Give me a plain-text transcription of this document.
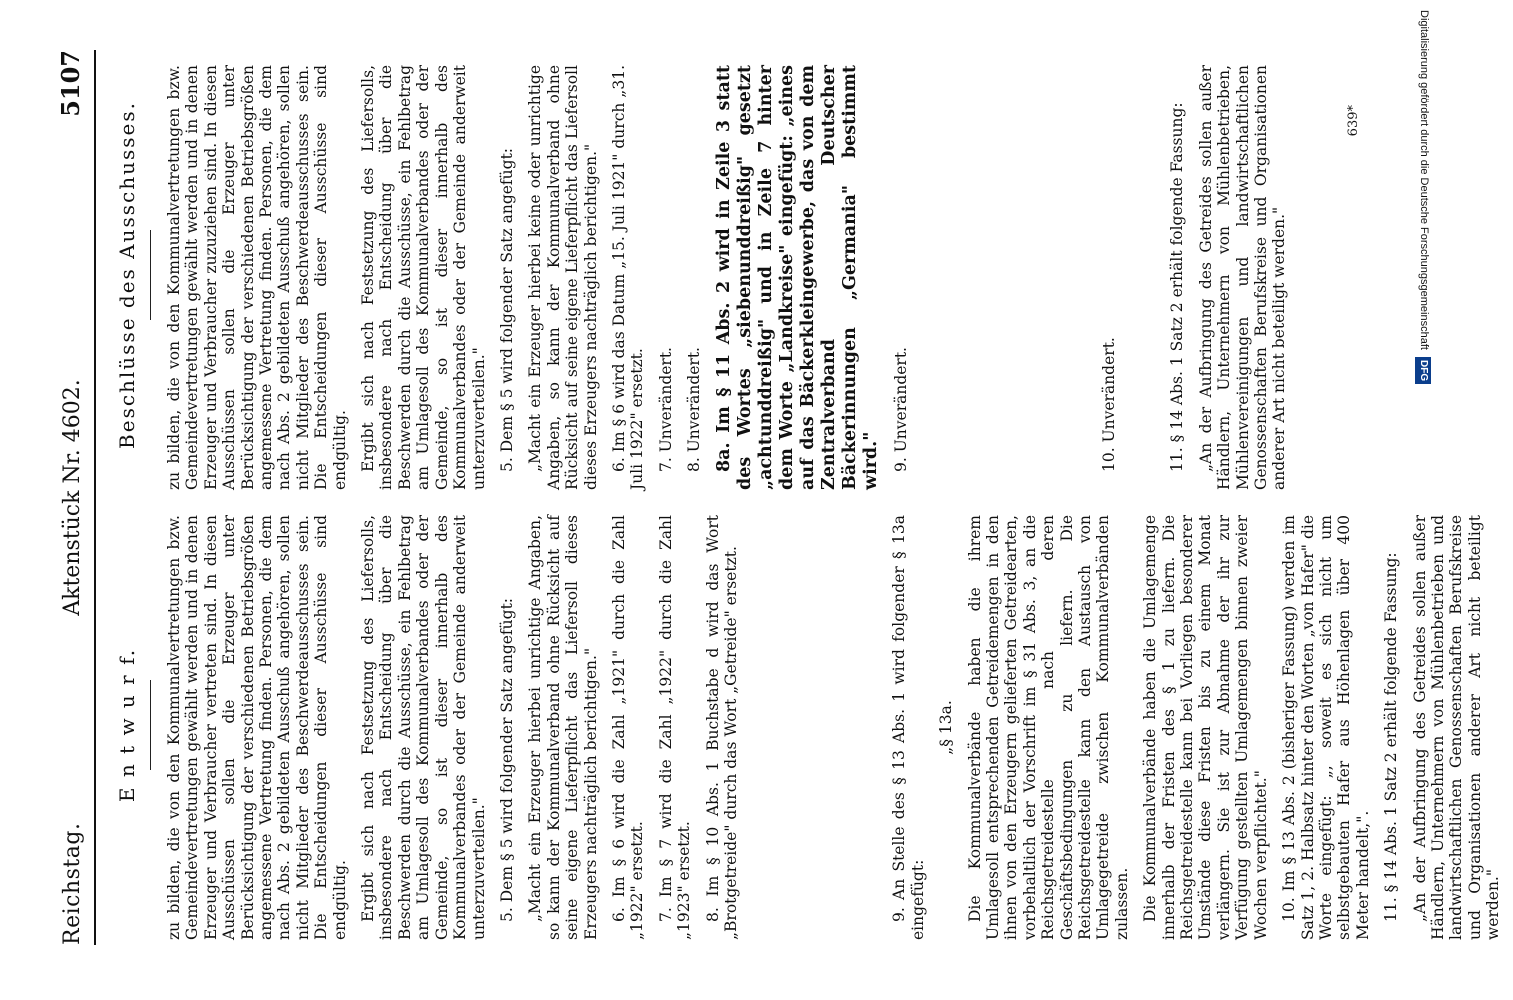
Reichstag.
Aktenstück Nr. 4602.
5107
E n t w u r f.
Beschlüsse des Ausschusses.

zu bilden, die von den Kommunalvertretungen bzw. Gemeindevertretungen gewählt werden und in denen Erzeuger und Verbraucher vertreten sind. In diesen Ausschüssen sollen die Erzeuger unter Berücksichtigung der verschiedenen Betriebsgrößen angemessene Vertretung finden. Personen, die dem nach Abs. 2 gebildeten Ausschuß angehören, sollen nicht Mitglieder des Beschwerdeausschusses sein. Die Entscheidungen dieser Ausschüsse sind endgültig. Ergibt sich nach Festsetzung des Liefersolls, insbesondere nach Entscheidung über die Beschwerden durch die Ausschüsse, ein Fehlbetrag am Umlagesoll des Kommunalverbandes oder der Gemeinde, so ist dieser innerhalb des Kommunalverbandes oder der Gemeinde anderweit unterzuverteilen." 5. Dem § 5 wird folgender Satz angefügt: „Macht ein Erzeuger hierbei unrichtige Angaben, so kann der Kommunalverband ohne Rücksicht auf seine eigene Lieferpflicht das Liefersoll dieses Erzeugers nachträglich berichtigen." 6. Im § 6 wird die Zahl „1921" durch die Zahl „1922" ersetzt. 7. Im § 7 wird die Zahl „1922" durch die Zahl „1923" ersetzt. 8. Im § 10 Abs. 1 Buchstabe d wird das Wort „Brotgetreide" durch das Wort „Getreide" ersetzt.	9. An Stelle des § 13 Abs. 1 wird folgender § 13a eingefügt:

„§ 13a. Die Kommunalverbände haben die ihrem Umlagesoll entsprechenden Getreidemengen in den ihnen von den Erzeugern gelieferten Getreidearten, vorbehaltlich der Vorschrift im § 31 Abs. 3, an die Reichsgetreidestelle nach deren Geschäftsbedingungen zu liefern. Die Reichsgetreidestelle kann den Austausch von Umlagegetreide zwischen Kommunalverbänden zulassen. Die Kommunalverbände haben die Umlagemenge innerhalb der Fristen des § 1 zu liefern. Die Reichsgetreidestelle kann bei Vorliegen besonderer Umstände diese Fristen bis zu einem Monat verlängern. Sie ist zur Abnahme der ihr zur Verfügung gestellten Umlagemengen binnen zweier Wochen verpflichtet." 10. Im § 13 Abs. 2 (bisheriger Fassung) werden im Satz 1, 2. Halbsatz hinter den Worten „von Hafer" die Worte eingefügt: „, soweit es sich nicht um selbstgebauten Hafer aus Höhenlagen über 400 Meter handelt,". 11. § 14 Abs. 1 Satz 2 erhält folgende Fassung: „An der Aufbringung des Getreides sollen außer Händlern, Unternehmern von Mühlenbetrieben und landwirtschaftlichen Genossenschaften Berufskreise und Organisationen anderer Art nicht beteiligt werden."

zu bilden, die von den Kommunalvertretungen bzw. Gemeindevertretungen gewählt werden und in denen Erzeuger und Verbraucher zuzuziehen sind. In diesen Ausschüssen sollen die Erzeuger unter Berücksichtigung der verschiedenen Betriebsgrößen angemessene Vertretung finden. Personen, die dem nach Abs. 2 gebildeten Ausschuß angehören, sollen nicht Mitglieder des Beschwerdeausschusses sein. Die Entscheidungen dieser Ausschüsse sind endgültig. Ergibt sich nach Festsetzung des Liefersolls, insbesondere nach Entscheidung über die Beschwerden durch die Ausschüsse, ein Fehlbetrag am Umlagesoll des Kommunalverbandes oder der Gemeinde, so ist dieser innerhalb des Kommunalverbandes oder der Gemeinde anderweit unterzuverteilen." 5. Dem § 5 wird folgender Satz angefügt: „Macht ein Erzeuger hierbei keine oder unrichtige Angaben, so kann der Kommunalverband ohne Rücksicht auf seine eigene Lieferpflicht das Liefersoll dieses Erzeugers nachträglich berichtigen." 6. Im § 6 wird das Datum „15. Juli 1921" durch „31. Juli 1922" ersetzt. 7. Unverändert. 8. Unverändert. 8a. Im § 11 Abs. 2 wird in Zeile 3 statt des Wortes „siebenunddreißig" gesetzt „achtunddreißig" und in Zeile 7 hinter dem Worte „Landkreise" eingefügt: „eines auf das Bäckerkleingewerbe, das von dem Zentralverband Deutscher Bäckerinnungen „Germania" bestimmt wird." 9. Unverändert.	10. Unverändert.	11. § 14 Abs. 1 Satz 2 erhält folgende Fassung: „An der Aufbringung des Getreides sollen außer Händlern, Unternehmern von Mühlenbetrieben, Mühlenvereinigungen und landwirtschaftlichen Genossenschaften Berufskreise und Organisationen anderer Art nicht beteiligt werden."

639*	Digitalisierung gefördert durch die Deutsche Forschungsgemeinschaft DFG
